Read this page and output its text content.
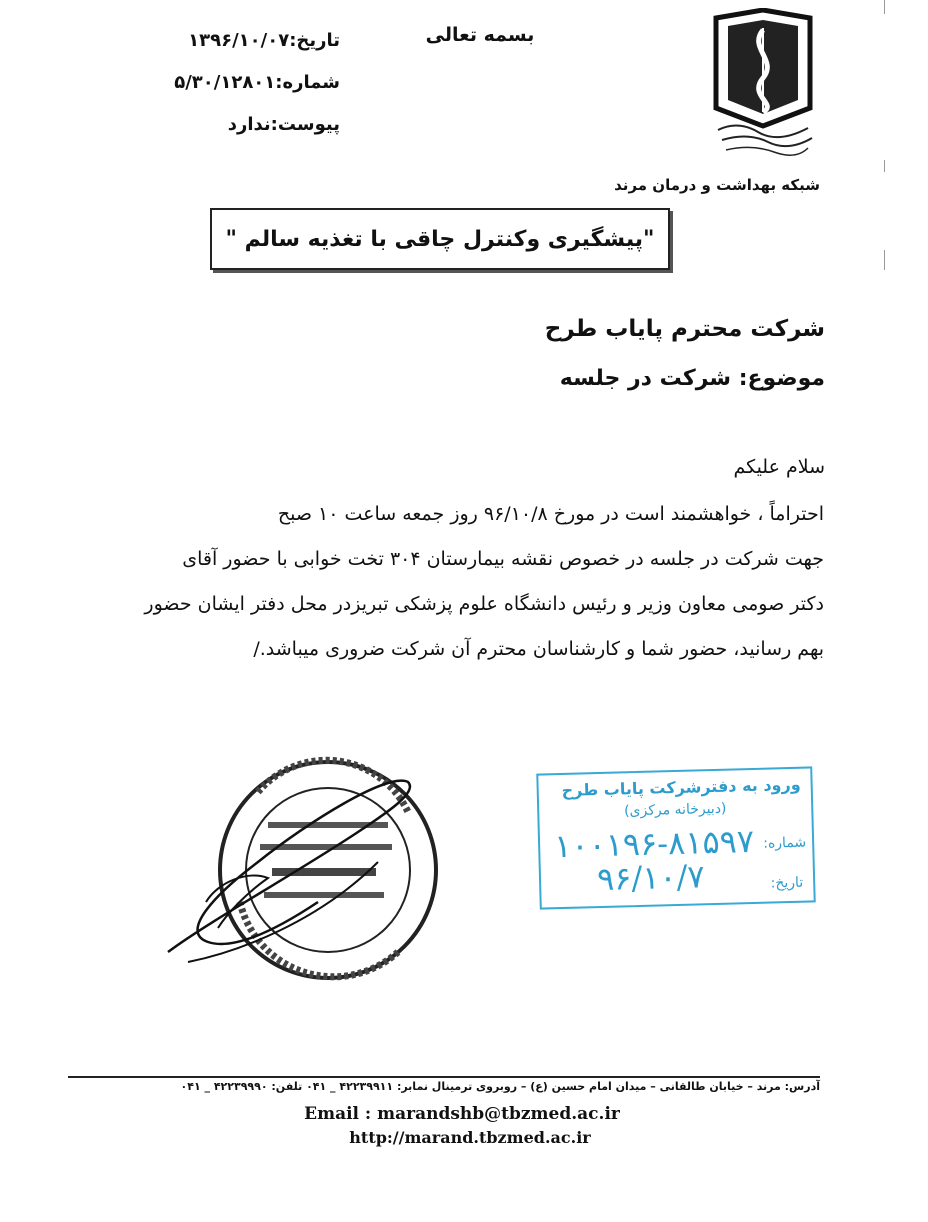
بسمه تعالی
تاریخ:۱۳۹۶/۱۰/۰۷
شماره:۵/۳۰/۱۲۸۰۱
پیوست:ندارد
شبکه بهداشت و درمان مرند
"پیشگیری وکنترل چاقی با تغذیه سالم "
شرکت محترم پایاب طرح
موضوع: شرکت در جلسه
سلام علیکم

احتراماً ، خواهشمند است در مورخ ۹۶/۱۰/۸ روز جمعه ساعت ۱۰ صبح

جهت شرکت در جلسه در خصوص نقشه بیمارستان ۳۰۴ تخت خوابی با حضور آقای

دکتر صومی معاون وزیر و رئیس دانشگاه علوم پزشکی تبریزدر محل دفتر ایشان حضور

بهم رسانید، حضور شما و کارشناسان محترم آن شرکت ضروری میباشد./

ورود به دفترشرکت پایاب طرح
(دبیرخانه مرکزی)
شماره:
۱۰۰۱۹۶-۸۱۵۹۷
تاریخ:
۹۶/۱۰/۷
آدرس: مرند – خیابان طالقانی – میدان امام حسین (ع) – روبروی ترمینال نمابر: ۴۲۲۳۹۹۱۱ _ ۰۴۱ تلفن: ۴۲۲۳۹۹۹۰ _ ۰۴۱
Email : marandshb@tbzmed.ac.ir
http://marand.tbzmed.ac.ir
